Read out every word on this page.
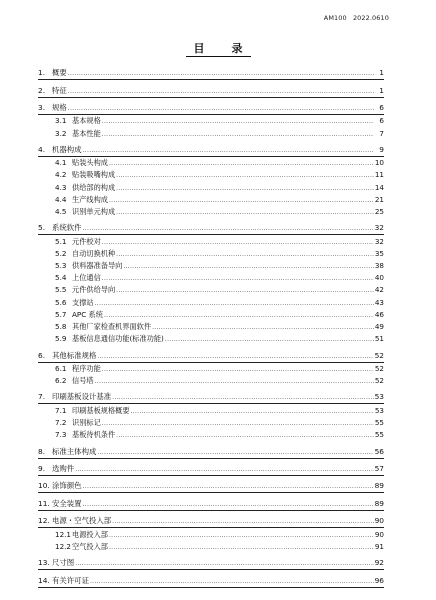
AM100 2022.0610
目　录
1. 概要 .....	1
2. 特征 .....	1
3. 规格 .....	6
3.1 基本规格 .....	6
3.2 基本性能 .....	7
4. 机器构成 .....	9
4.1 贴装头构成 .....	10
4.2 贴装吸嘴构成 .....	11
4.3 供给部的构成 .....	14
4.4 生产线构成 .....	21
4.5 识别单元构成 .....	25
5. 系统软件 .....	32
5.1 元件校对 .....	32
5.2 自动切换机种 .....	35
5.3 供料器准备导向 .....	38
5.4 上位通信 .....	40
5.5 元件供给导向 .....	42
5.6 支撑站 .....	43
5.7 APC 系统 .....	46
5.8 其他厂家检查机界面软件 .....	49
5.9 基板信息通信功能(标准功能) .....	51
6. 其他标准规格 .....	52
6.1 程序功能 .....	52
6.2 信号塔 .....	52
7. 印刷基板设计基准 .....	53
7.1 印刷基板规格概要 .....	53
7.2 识别标记 .....	55
7.3 基板待机条件 .....	55
8. 标准主体构成 .....	56
9. 选购件 .....	57
10. 涂饰颜色 .....	89
11. 安全装置 .....	89
12. 电源・空气投入部 .....	90
12.1 电源投入部 .....	90
12.2 空气投入部 .....	91
13. 尺寸图 .....	92
14. 有关许可证 .....	96
